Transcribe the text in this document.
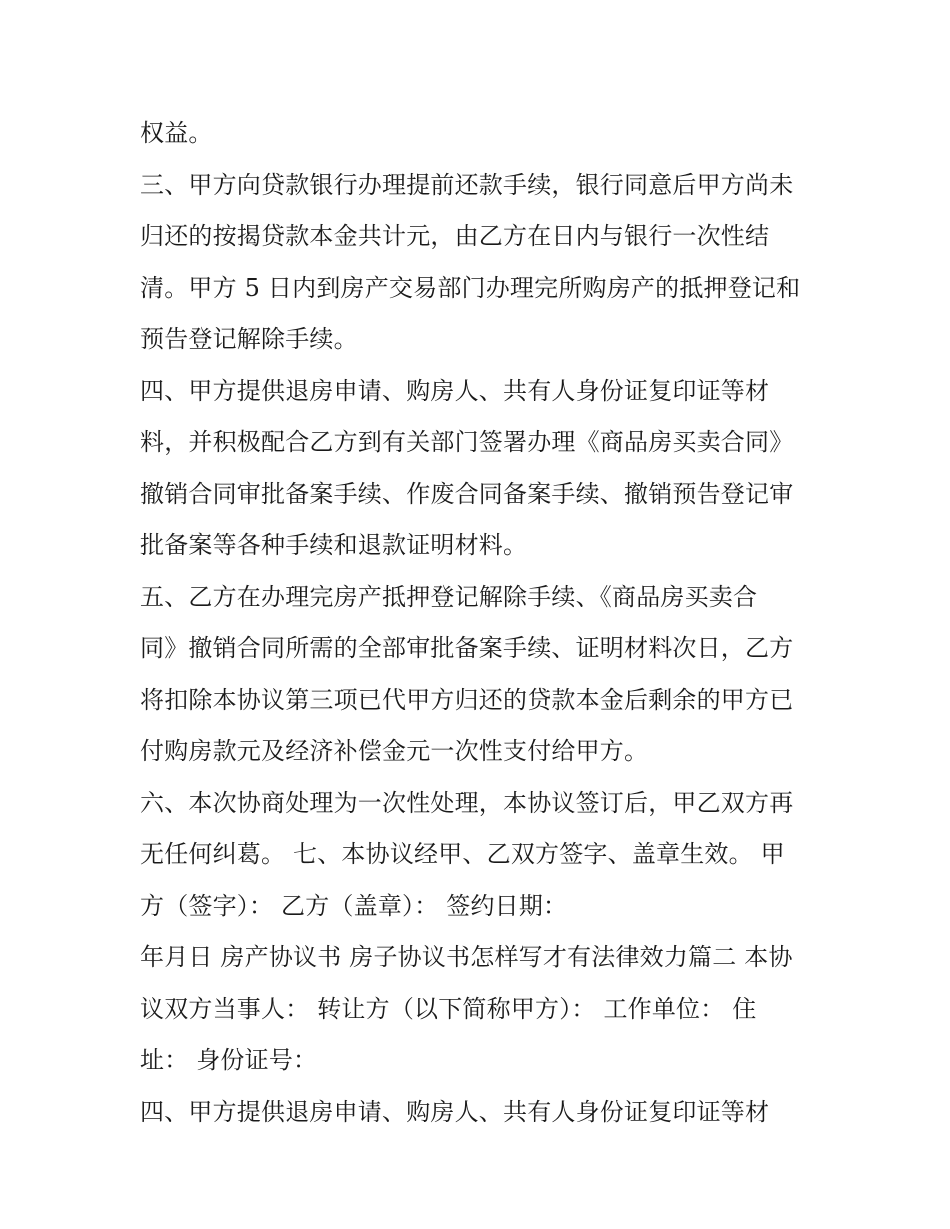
权益。
三、甲方向贷款银行办理提前还款手续，银行同意后甲方尚未
归还的按揭贷款本金共计元，由乙方在日内与银行一次性结
清。甲方 5 日内到房产交易部门办理完所购房产的抵押登记和
预告登记解除手续。
四、甲方提供退房申请、购房人、共有人身份证复印证等材
料，并积极配合乙方到有关部门签署办理《商品房买卖合同》
撤销合同审批备案手续、作废合同备案手续、撤销预告登记审
批备案等各种手续和退款证明材料。
五、乙方在办理完房产抵押登记解除手续、《商品房买卖合
同》撤销合同所需的全部审批备案手续、证明材料次日，乙方
将扣除本协议第三项已代甲方归还的贷款本金后剩余的甲方已
付购房款元及经济补偿金元一次性支付给甲方。
六、本次协商处理为一次性处理，本协议签订后，甲乙双方再
无任何纠葛。 七、本协议经甲、乙双方签字、盖章生效。 甲
方（签字）： 乙方（盖章）： 签约日期：
年月日 房产协议书 房子协议书怎样写才有法律效力篇二 本协
议双方当事人： 转让方（以下简称甲方）： 工作单位： 住
址： 身份证号：
四、甲方提供退房申请、购房人、共有人身份证复印证等材
